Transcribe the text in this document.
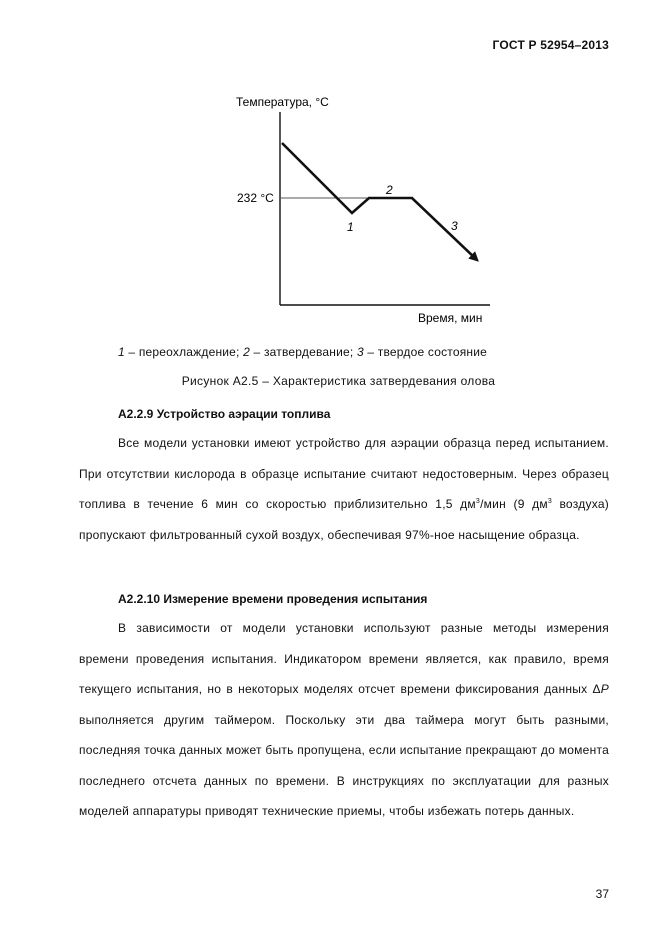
ГОСТ Р 52954–2013
Температура, °С
232 °С
Время, мин
1
2
3
1 – переохлаждение; 2 – затвердевание; 3 – твердое состояние
Рисунок А2.5 – Характеристика затвердевания олова
А2.2.9 Устройство аэрации топлива
Все модели установки имеют устройство для аэрации образца перед испытанием. При отсутствии кислорода в образце испытание считают недостоверным. Через образец топлива в течение 6 мин со скоростью приблизительно 1,5 $дм^3$/мин (9 $дм^3$ воздуха) пропускают фильтрованный сухой воздух, обеспечивая 97%-ное насыщение образца.
А2.2.10 Измерение времени проведения испытания
В зависимости от модели установки используют разные методы измерения времени проведения испытания. Индикатором времени является, как правило, время текущего испытания, но в некоторых моделях отсчет времени фиксирования данных ΔP выполняется другим таймером. Поскольку эти два таймера могут быть разными, последняя точка данных может быть пропущена, если испытание прекращают до момента последнего отсчета данных по времени. В инструкциях по эксплуатации для разных моделей аппаратуры приводят технические приемы, чтобы избежать потерь данных.
37
